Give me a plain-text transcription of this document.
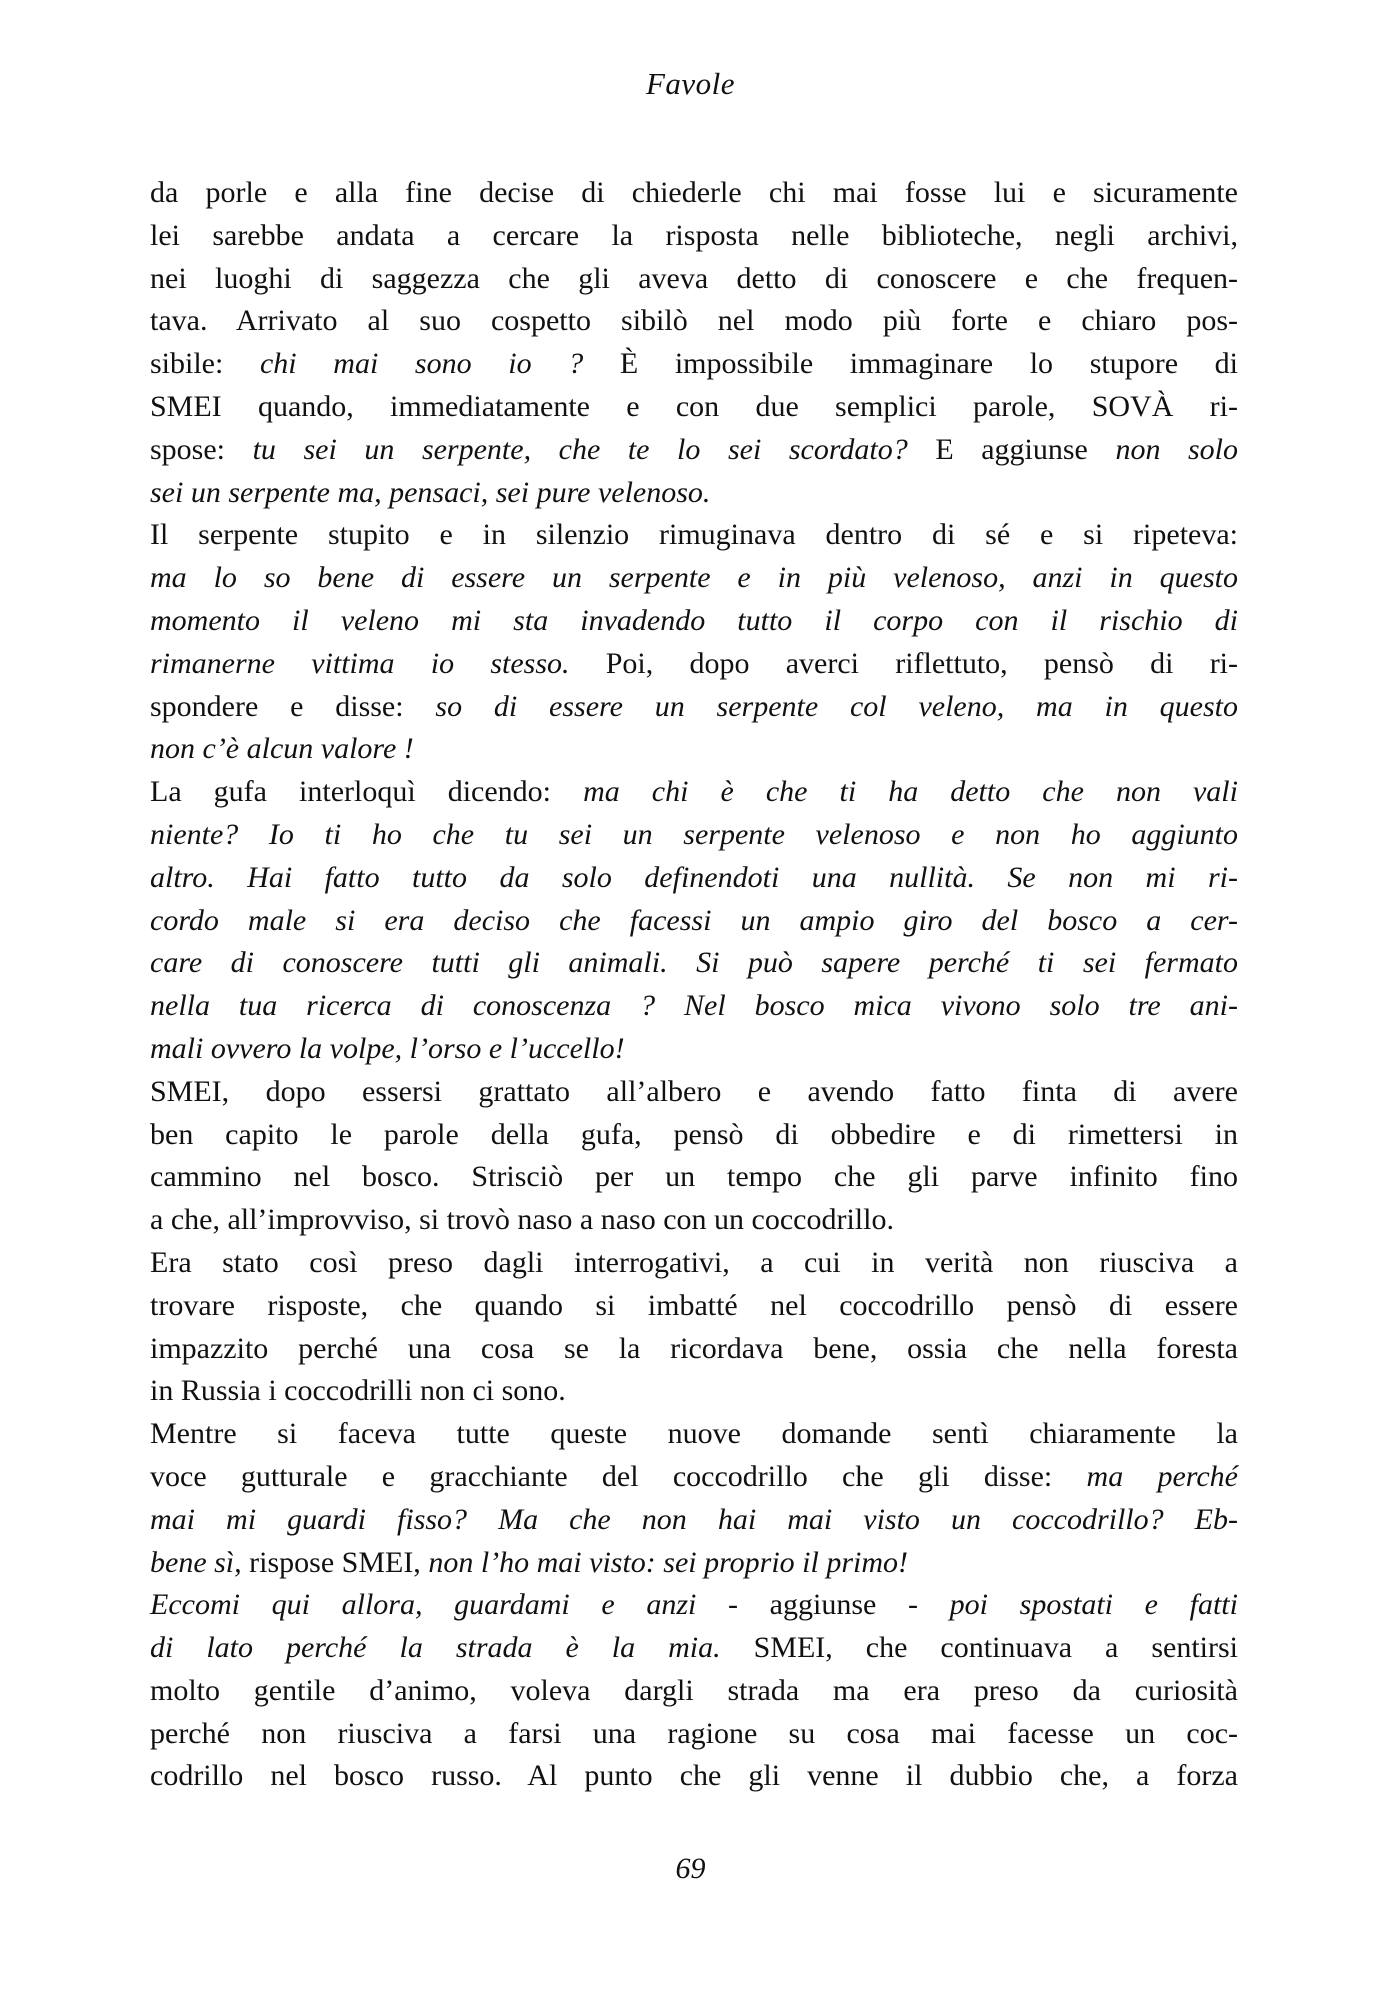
Favole
da porle e alla fine decise di chiederle chi mai fosse lui e sicuramente
lei sarebbe andata a cercare la risposta nelle biblioteche, negli archivi,
nei luoghi di saggezza che gli aveva detto di conoscere e che frequen-
tava. Arrivato al suo cospetto sibilò nel modo più forte e chiaro pos-
sibile: chi mai sono io ? È impossibile immaginare lo stupore di
SMEI quando, immediatamente e con due semplici parole, SOVÀ ri-
spose: tu sei un serpente, che te lo sei scordato? E aggiunse non solo
sei un serpente ma, pensaci, sei pure velenoso.
Il serpente stupito e in silenzio rimuginava dentro di sé e si ripeteva:
ma lo so bene di essere un serpente e in più velenoso, anzi in questo
momento il veleno mi sta invadendo tutto il corpo con il rischio di
rimanerne vittima io stesso. Poi, dopo averci riflettuto, pensò di ri-
spondere e disse: so di essere un serpente col veleno, ma in questo
non c’è alcun valore !
La gufa interloquì dicendo: ma chi è che ti ha detto che non vali
niente? Io ti ho che tu sei un serpente velenoso e non ho aggiunto
altro. Hai fatto tutto da solo definendoti una nullità. Se non mi ri-
cordo male si era deciso che facessi un ampio giro del bosco a cer-
care di conoscere tutti gli animali. Si può sapere perché ti sei fermato
nella tua ricerca di conoscenza ? Nel bosco mica vivono solo tre ani-
mali ovvero la volpe, l’orso e l’uccello!
SMEI, dopo essersi grattato all’albero e avendo fatto finta di avere
ben capito le parole della gufa, pensò di obbedire e di rimettersi in
cammino nel bosco. Strisciò per un tempo che gli parve infinito fino
a che, all’improvviso, si trovò naso a naso con un coccodrillo.
Era stato così preso dagli interrogativi, a cui in verità non riusciva a
trovare risposte, che quando si imbatté nel coccodrillo pensò di essere
impazzito perché una cosa se la ricordava bene, ossia che nella foresta
in Russia i coccodrilli non ci sono.
Mentre si faceva tutte queste nuove domande sentì chiaramente la
voce gutturale e gracchiante del coccodrillo che gli disse: ma perché
mai mi guardi fisso? Ma che non hai mai visto un coccodrillo? Eb-
bene sì, rispose SMEI, non l’ho mai visto: sei proprio il primo!
Eccomi qui allora, guardami e anzi - aggiunse - poi spostati e fatti
di lato perché la strada è la mia. SMEI, che continuava a sentirsi
molto gentile d’animo, voleva dargli strada ma era preso da curiosità
perché non riusciva a farsi una ragione su cosa mai facesse un coc-
codrillo nel bosco russo. Al punto che gli venne il dubbio che, a forza
69
